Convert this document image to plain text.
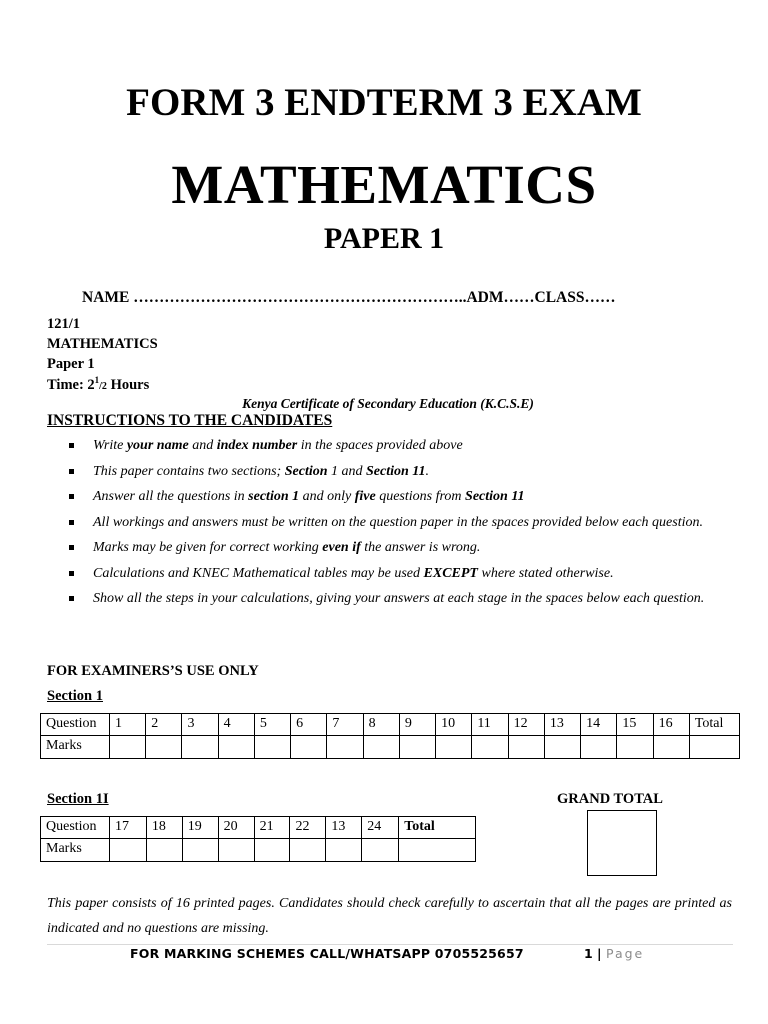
FORM 3 ENDTERM 3 EXAM
MATHEMATICS
PAPER 1
NAME ………………………………………………………..ADM……CLASS……
121/1
MATHEMATICS
Paper 1
Time: $2^1/2$ Hours
Kenya Certificate of Secondary Education (K.C.S.E)
INSTRUCTIONS TO THE CANDIDATES
Write your name and index number in the spaces provided above
This paper contains two sections; Section 1 and Section 11.
Answer all the questions in section 1 and only five questions from Section 11
All workings and answers must be written on the question paper in the spaces provided below each question.
Marks may be given for correct working even if the answer is wrong.
Calculations and KNEC Mathematical tables may be used EXCEPT where stated otherwise.
Show all the steps in your calculations, giving your answers at each stage in the spaces below each question.
FOR EXAMINERS’S USE ONLY
Section 1
Question	1	2	3	4	5	6	7	8	9	10	11	12	13	14	15	16	Total
Marks																	
Section 1I	GRAND TOTAL
Question	17	18	19	20	21	22	13	24	Total
Marks									
This paper consists of 16 printed pages. Candidates should check carefully to ascertain that all the pages are printed as indicated and no questions are missing.
FOR MARKING SCHEMES CALL/WHATSAPP 0705525657	1 | Page
